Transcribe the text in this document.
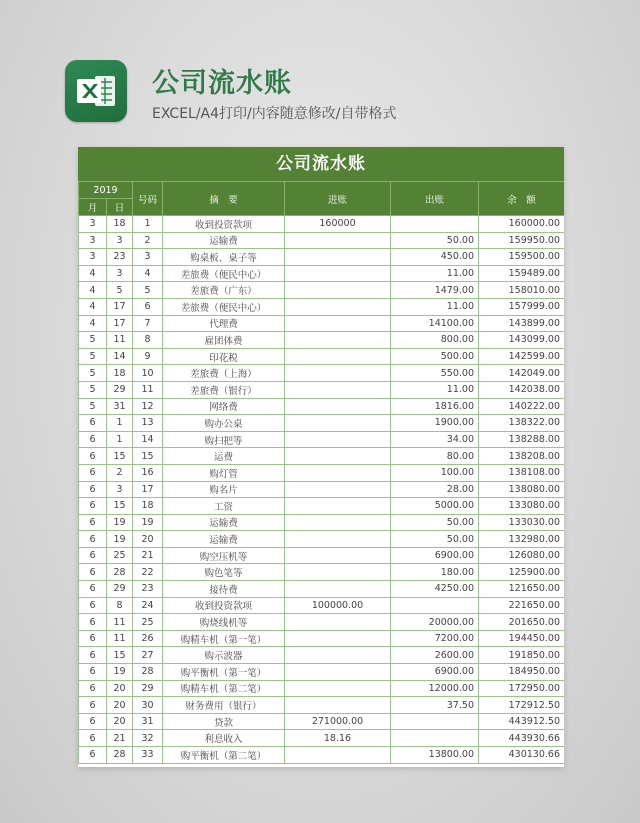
公司流水账
EXCEL/A4打印/内容随意修改/自带格式
公司流水账
2019		号码	摘　要	进账	出账	余　额
月	日					
3	18	1	收到投资款项	160000		160000.00
3	3	2	运输费		50.00	159950.00
3	23	3	购桌板、桌子等		450.00	159500.00
4	3	4	差旅费（便民中心）		11.00	159489.00
4	5	5	差旅费（广东）		1479.00	158010.00
4	17	6	差旅费（便民中心）		11.00	157999.00
4	17	7	代理费		14100.00	143899.00
5	11	8	雇团体费		800.00	143099.00
5	14	9	印花税		500.00	142599.00
5	18	10	差旅费（上海）		550.00	142049.00
5	29	11	差旅费（银行）		11.00	142038.00
5	31	12	网络费		1816.00	140222.00
6	1	13	购办公桌		1900.00	138322.00
6	1	14	购扫把等		34.00	138288.00
6	15	15	运费		80.00	138208.00
6	2	16	购灯管		100.00	138108.00
6	3	17	购名片		28.00	138080.00
6	15	18	工资		5000.00	133080.00
6	19	19	运输费		50.00	133030.00
6	19	20	运输费		50.00	132980.00
6	25	21	购空压机等		6900.00	126080.00
6	28	22	购色笔等		180.00	125900.00
6	29	23	接待费		4250.00	121650.00
6	8	24	收到投资款项	100000.00		221650.00
6	11	25	购烧线机等		20000.00	201650.00
6	11	26	购精车机（第一笔）		7200.00	194450.00
6	15	27	购示波器		2600.00	191850.00
6	19	28	购平衡机（第一笔）		6900.00	184950.00
6	20	29	购精车机（第二笔）		12000.00	172950.00
6	20	30	财务费用（银行）		37.50	172912.50
6	20	31	贷款	271000.00		443912.50
6	21	32	利息收入	18.16		443930.66
6	28	33	购平衡机（第二笔）		13800.00	430130.66
